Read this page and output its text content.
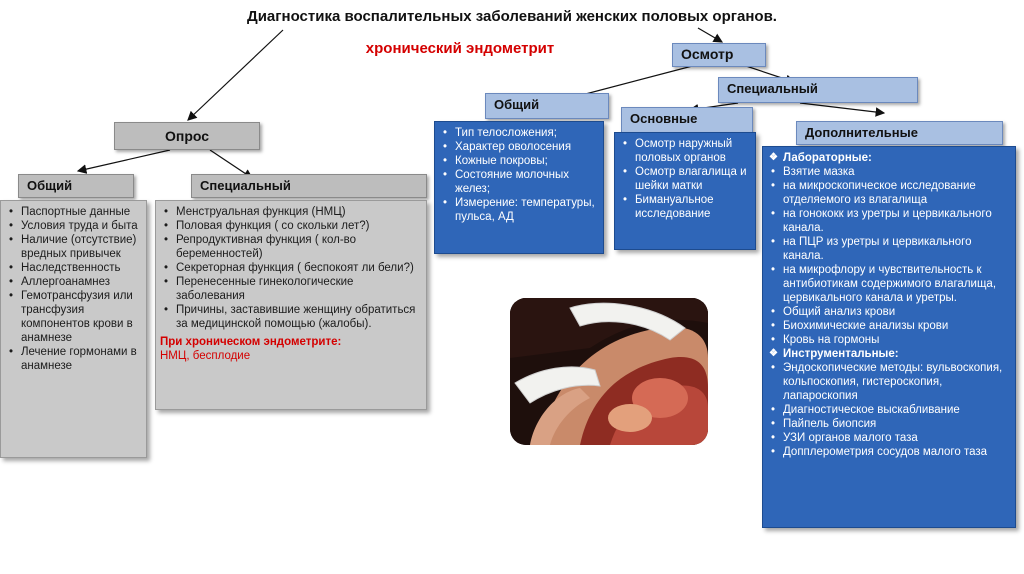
Диагностика воспалительных заболеваний женских половых органов.
хронический эндометрит
Опрос
Общий
• Паспортные данные
• Условия труда и быта
• Наличие (отсутствие) вредных привычек
• Наследственность
• Аллергоанамнез
• Гемотрансфузия или трансфузия компонентов крови в анамнезе
• Лечение гормонами в анамнезе
Специальный
• Менструальная функция (НМЦ)
• Половая функция ( со скольки лет?)
• Репродуктивная функция ( кол-во беременностей)
• Секреторная функция ( беспокоят ли бели?)
• Перенесенные гинекологические заболевания
• Причины, заставившие женщину обратиться за медицинской помощью (жалобы).
При хроническом эндометрите:
НМЦ, бесплодие
Осмотр
Общий
• Тип телосложения;
• Характер оволосения
• Кожные покровы;
• Состояние молочных желез;
• Измерение: температуры, пульса, АД
Специальный
Основные
• Осмотр наружный половых органов
• Осмотр влагалища и шейки матки
• Бимануальное исследование
Дополнительные
❖ Лабораторные:
• Взятие мазка
• на микроскопическое исследование отделяемого из влагалища
• на гонококк из уретры и цервикального канала.
• на ПЦР из уретры и цервикального канала.
• на микрофлору и чувствительность к антибиотикам содержимого влагалища, цервикального канала и уретры.
• Общий анализ крови
• Биохимические анализы крови
• Кровь на гормоны
❖ Инструментальные:
• Эндоскопические методы: вульвоскопия, кольпоскопия, гистероскопия, лапароскопия
• Диагностическое выскабливание
• Пайпель биопсия
• УЗИ органов малого таза
• Допплерометрия сосудов малого таза
